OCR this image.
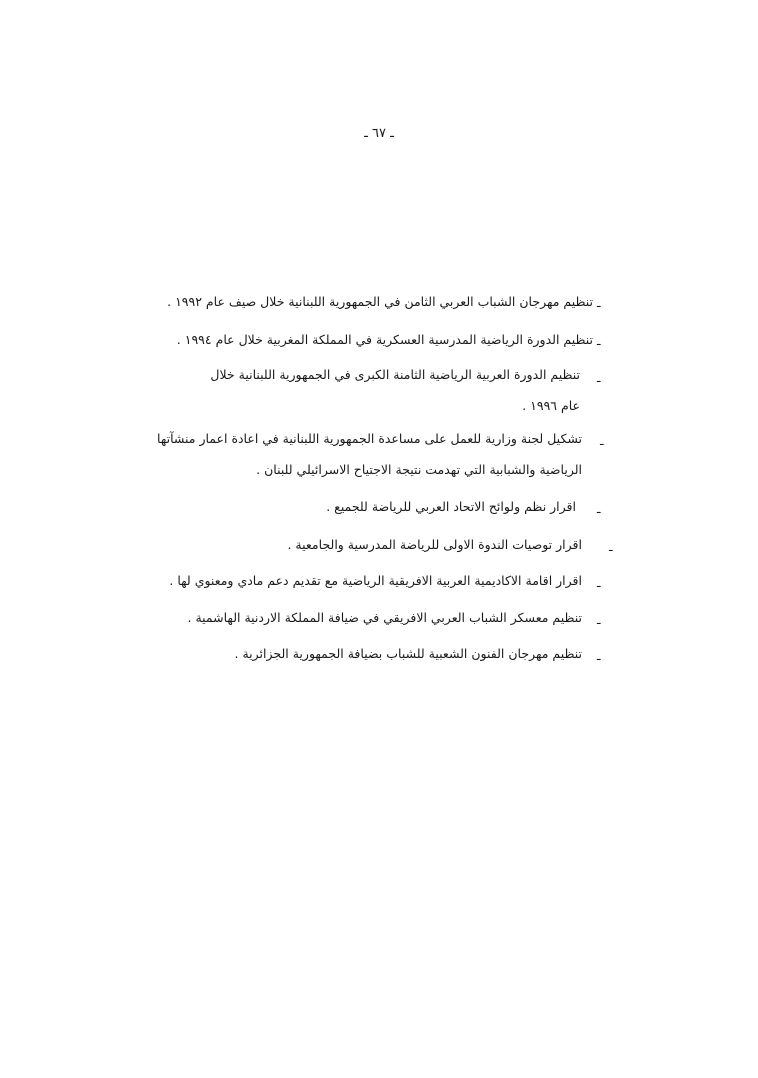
ـ ٦٧ ـ
ـ
تنظيم مهرجان الشباب العربي الثامن في الجمهورية اللبنانية خلال صيف عام ١٩٩٢ .
ـ
تنظيم الدورة الرياضية المدرسية العسكرية في المملكة المغربية خلال عام ١٩٩٤ .
ـ
تنظيم الدورة العربية الرياضية الثامنة الكبرى في الجمهورية اللبنانية خلال
عام ١٩٩٦ .
ـ
تشكيل لجنة وزارية للعمل على مساعدة الجمهورية اللبنانية في اعادة اعمار منشآتها
الرياضية والشبابية التي تهدمت نتيجة الاجتياح الاسرائيلي للبنان .
ـ
اقرار نظم ولوائح الاتحاد العربي للرياضة للجميع .
ـ
اقرار توصيات الندوة الاولى للرياضة المدرسية والجامعية .
ـ
اقرار اقامة الاكاديمية العربية الافريقية الرياضية مع تقديم دعم مادي ومعنوي لها .
ـ
تنظيم معسكر الشباب العربي الافريقي في ضيافة المملكة الاردنية الهاشمية .
ـ
تنظيم مهرجان الفنون الشعبية للشباب بضيافة الجمهورية الجزائرية .
